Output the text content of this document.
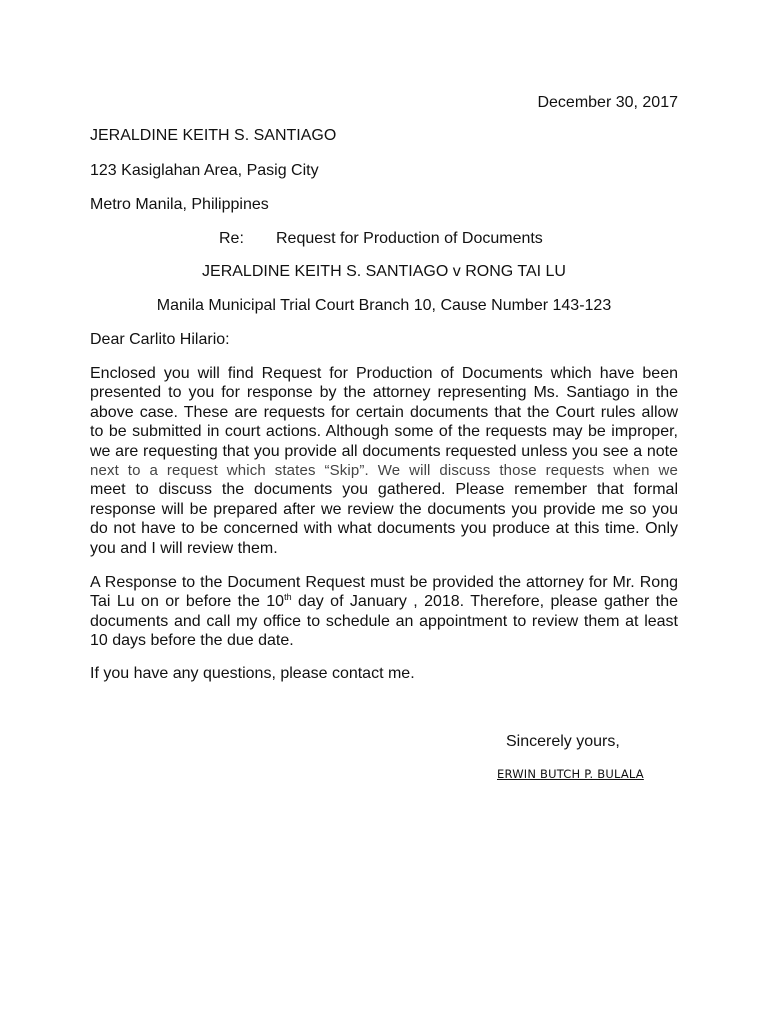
December 30, 2017
JERALDINE KEITH S. SANTIAGO
123 Kasiglahan Area, Pasig City
Metro Manila, Philippines
Re: Request for Production of Documents
JERALDINE KEITH S. SANTIAGO v RONG TAI LU
Manila Municipal Trial Court Branch 10, Cause Number 143-123
Dear Carlito Hilario:
Enclosed you will find Request for Production of Documents which have been
presented to you for response by the attorney representing Ms. Santiago in the
above case. These are requests for certain documents that the Court rules allow
to be submitted in court actions. Although some of the requests may be improper,
we are requesting that you provide all documents requested unless you see a note
next to a request which states “Skip”. We will discuss those requests when we
meet to discuss the documents you gathered. Please remember that formal
response will be prepared after we review the documents you provide me so you
do not have to be concerned with what documents you produce at this time. Only
you and I will review them.
A Response to the Document Request must be provided the attorney for Mr. Rong
Tai Lu on or before the 10th day of January , 2018. Therefore, please gather the
documents and call my office to schedule an appointment to review them at least
10 days before the due date.
If you have any questions, please contact me.
Sincerely yours,
ERWIN BUTCH P. BULALA
